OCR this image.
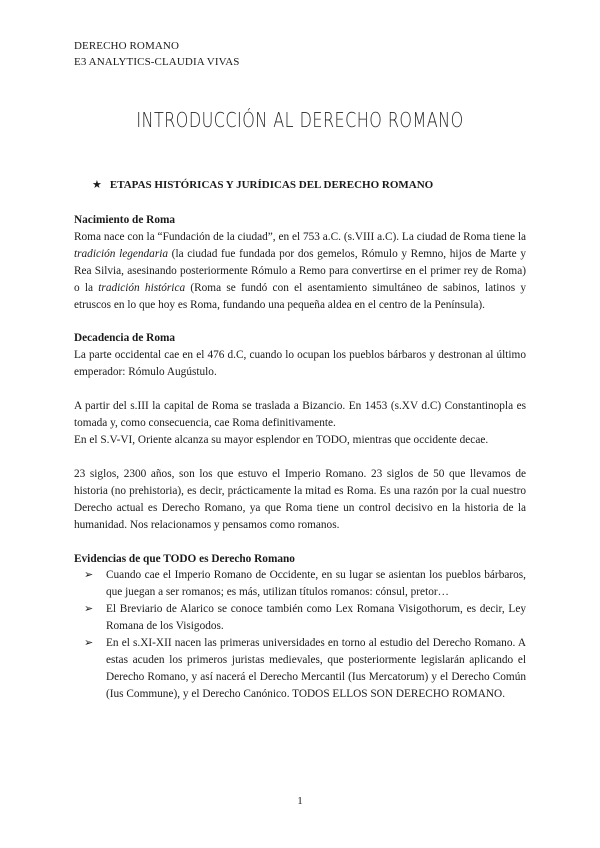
DERECHO ROMANO
E3 ANALYTICS-CLAUDIA VIVAS
INTRODUCCIÓN AL DERECHO ROMANO
★ ETAPAS HISTÓRICAS Y JURÍDICAS DEL DERECHO ROMANO
Nacimiento de Roma

Roma nace con la “Fundación de la ciudad”, en el 753 a.C. (s.VIII a.C). La ciudad de Roma tiene la tradición legendaria (la ciudad fue fundada por dos gemelos, Rómulo y Remno, hijos de Marte y Rea Silvia, asesinando posteriormente Rómulo a Remo para convertirse en el primer rey de Roma) o la tradición histórica (Roma se fundó con el asentamiento simultáneo de sabinos, latinos y etruscos en lo que hoy es Roma, fundando una pequeña aldea en el centro de la Península).

Decadencia de Roma

La parte occidental cae en el 476 d.C, cuando lo ocupan los pueblos bárbaros y destronan al último emperador: Rómulo Augústulo.

A partir del s.III la capital de Roma se traslada a Bizancio. En 1453 (s.XV d.C) Constantinopla es tomada y, como consecuencia, cae Roma definitivamente.

En el S.V-VI, Oriente alcanza su mayor esplendor en TODO, mientras que occidente decae.

23 siglos, 2300 años, son los que estuvo el Imperio Romano. 23 siglos de 50 que llevamos de historia (no prehistoria), es decir, prácticamente la mitad es Roma. Es una razón por la cual nuestro Derecho actual es Derecho Romano, ya que Roma tiene un control decisivo en la historia de la humanidad. Nos relacionamos y pensamos como romanos.

Evidencias de que TODO es Derecho Romano
➢ Cuando cae el Imperio Romano de Occidente, en su lugar se asientan los pueblos bárbaros, que juegan a ser romanos; es más, utilizan títulos romanos: cónsul, pretor…
➢ El Breviario de Alarico se conoce también como Lex Romana Visigothorum, es decir, Ley Romana de los Visigodos.
➢ En el s.XI-XII nacen las primeras universidades en torno al estudio del Derecho Romano. A estas acuden los primeros juristas medievales, que posteriormente legislarán aplicando el Derecho Romano, y así nacerá el Derecho Mercantil (Ius Mercatorum) y el Derecho Común (Ius Commune), y el Derecho Canónico. TODOS ELLOS SON DERECHO ROMANO.
1
